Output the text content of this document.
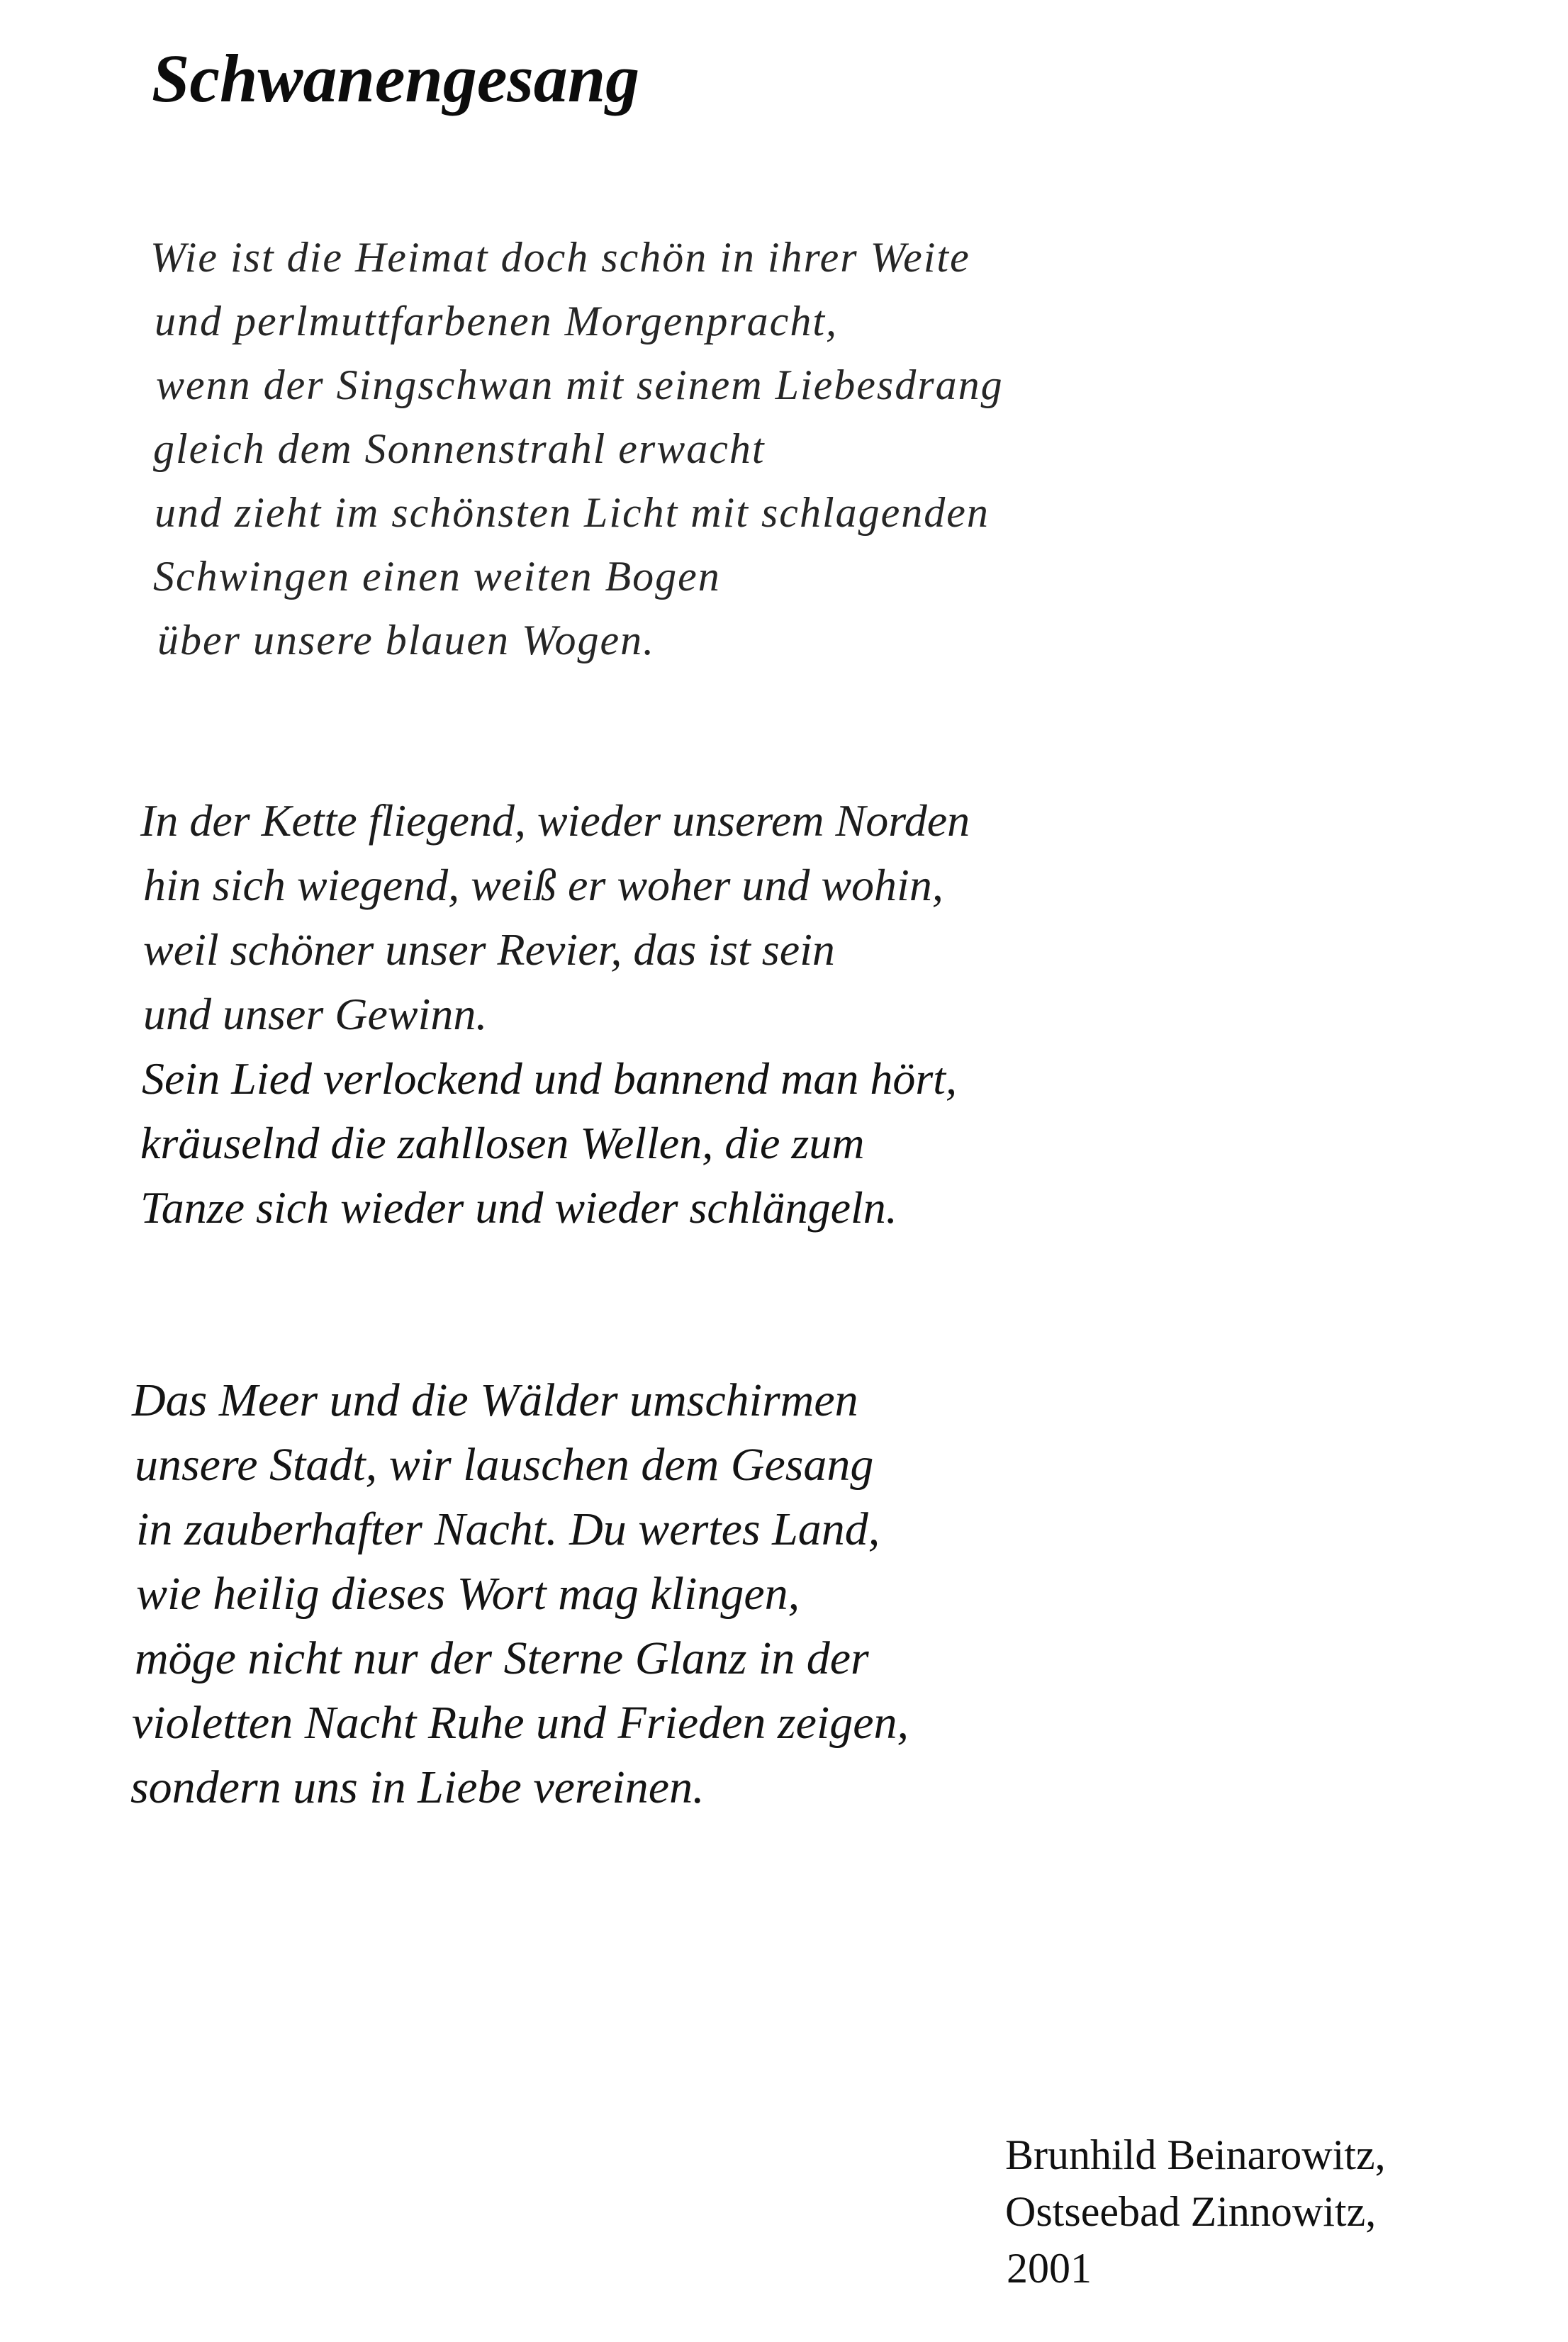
Schwanengesang

Wie ist die Heimat doch schön in ihrer Weite
und perlmuttfarbenen Morgenpracht,
wenn der Singschwan mit seinem Liebesdrang
gleich dem Sonnenstrahl erwacht
und zieht im schönsten Licht mit schlagenden
Schwingen einen weiten Bogen
über unsere blauen Wogen.

In der Kette fliegend, wieder unserem Norden
hin sich wiegend, weiß er woher und wohin,
weil schöner unser Revier, das ist sein
und unser Gewinn.
Sein Lied verlockend und bannend man hört,
kräuselnd die zahllosen Wellen, die zum
Tanze sich wieder und wieder schlängeln.

Das Meer und die Wälder umschirmen
unsere Stadt, wir lauschen dem Gesang
in zauberhafter Nacht. Du wertes Land,
wie heilig dieses Wort mag klingen,
möge nicht nur der Sterne Glanz in der
violetten Nacht Ruhe und Frieden zeigen,
sondern uns in Liebe vereinen.

Brunhild Beinarowitz,
Ostseebad Zinnowitz,
2001
